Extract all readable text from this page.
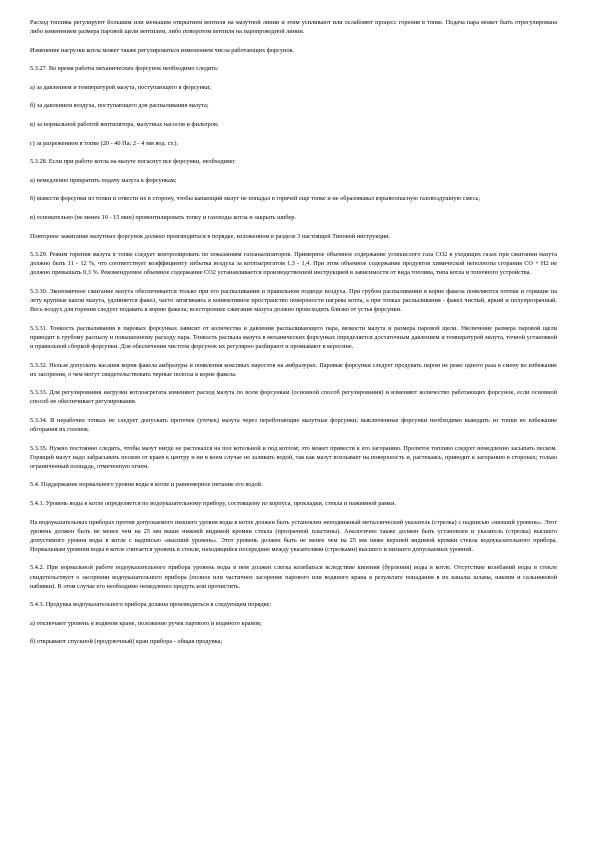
Расход топлива регулируют большим или меньшим открытием вентиля на мазутной линии и этим усиливают или ослабляют процесс горения в топке. Подача пара может быть отрегулирована либо изменением размера паровой щели вентилем, либо поворотом вентиля на паропроводной линии.

Изменение нагрузки котла может также регулироваться изменением числа работающих форсунок.

5.3.27. Во время работы механических форсунок необходимо следить:

а) за давлением и температурой мазута, поступающего в форсунки;

б) за давлением воздуха, поступающего для распыливания мазута;

в) за нормальной работой вентилятора, мазутных насосов и фильтров;

г) за разрежением в топке (20 - 40 Па; 2 - 4 мм вод. ст.).

5.3.28. Если при работе котла на мазуте погаснут все форсунки, необходимо:

а) немедленно прекратить подачу мазута к форсункам;

б) вывести форсунки из топки и отвести их в сторону, чтобы капающий мазут не попадал в горячей еще топке и не образовывал взрывоопасную газовоздушную смесь;

в) основательно (не менее 10 - 15 мин) провентилировать топку и газоходы котла и закрыть шибер.

Повторное зажигание мазутных форсунок должно производиться в порядке, изложенном в разделе 3 настоящей Типовой инструкции.

5.3.29. Режим горения мазута в топке следует контролировать по показаниям газоанализаторов. Примерное объемное содержание углекислого газа CO2 в уходящих газах при сжигании мазута должно быть 11 - 12 %, что соответствует коэффициенту избытка воздуха за котлоагрегатом 1,3 - 1,4. При этом объемное содержание продуктов химической неполноты сгорания CO + H2 не должно превышать 0,3 %. Рекомендуемое объемное содержание CO2 устанавливается производственной инструкцией в зависимости от вида топлива, типа котла и топочного устройства.

5.3.30. Экономичное сжигание мазута обеспечивается только при его распыливании и правильном подводе воздуха. При грубом распыливании в корне факела появляются потеки и горящие на лету крупные капли мазута, удлиняется факел, часто затягиваясь в конвективное пространство поверхности нагрева котла, а при топках распыливания - факел чистый, яркий и полупрозрачный. Весь воздух для горения следует подавать к корню факела; всестороннее сжигание мазута должно происходить близко от устья форсунки.

5.3.31. Тонкость распыливания в паровых форсунках зависит от количества и давления распыливающего пара, вязкости мазута и размера паровой щели. Увеличение размера паровой щели приводит к грубому распылу и повышенному расходу пара. Тонкость распыла мазута в механических форсунках определяется достаточным давлением и температурой мазута, точной установкой и правильной сборкой форсунки. Для обеспечения чистоты форсунок их регулярно разбирают и промывают в керосине.

5.3.32. Нельзя допускать касания корня факела амбразуры и появления коксовых наростов на амбразурах. Паровые форсунки следует продувать паром не реже одного раза в смену во избежание их засорения, о чем могут свидетельствовать черные полосы в корне факела.

5.3.33. Для регулирования нагрузки котлоагрегата изменяют расход мазута по всем форсункам (основной способ регулирования) и изменяют количество работающих форсунок, если основной способ не обеспечивает регулирования.

5.3.34. В нерабочих топках не следует допускать протечек (утечек) мазута через переботающие мазутные форсунки; выключенные форсунки необходимо выводить из топки во избежание обгорания их головок.

5.3.35. Нужно постоянно следить, чтобы мазут нигде не растекался на пол котельной и под котлом; это может привести к его загоранию. Пролитое топливо следует немедленно засыпать песком. Горящий мазут надо забрасывать песком от краев к центру и ни в коем случае не заливать водой, так как мазут всплывает на поверхность и, растекаясь, приводит к загоранию в сторонах; только ограниченный площадь, отмеченную огнем.

5.4. Поддержание нормального уровня воды в котле и равномерное питание его водой.

5.4.1. Уровень воды в котле определяется по водоуказательному прибору, состоящему из корпуса, прокладки, стекла и нажимной рамки.

На водоуказательных приборах против допускаемого низшего уровня воды в котле должен быть установлен неподвижный металлический указатель (стрелка) с надписью «низший уровень». Этот уровень должен быть не менее чем на 25 мм выше нижней видимой кромки стекла (прозрачной пластины). Аналогично также должен быть установлен и указатель (стрелка) высшего допустимого уровня воды в котле с надписью «высший уровень». Этот уровень должен быть не менее чем на 25 мм ниже верхней видимой кромки стекла водоуказательного прибора. Нормальным уровнем воды в котле считается уровень в стекле, находящийся посередине между указателями (стрелками) высшего и низшего допускаемых уровней.

5.4.2. При нормальной работе водоуказательного прибора уровень воды в нем должен слегка колебаться вследствие кипения (бурления) воды в котле. Отсутствие колебаний воды в стекле свидетельствует о засорении водоуказательного прибора (полное или частичное засорение парового или водяного крана в результате попадания в их каналы шлама, накипи и сальниковой набивки). В этом случае его необходимо немедленно продуть или прочистить.

5.4.3. Продувка водоуказательного прибора должна производиться в следующем порядке:

а) отключают уровень в водяном кране, положение ручек парового и водяного кранов;

б) открывают спускной (продувочный) кран прибора - общая продувка;
